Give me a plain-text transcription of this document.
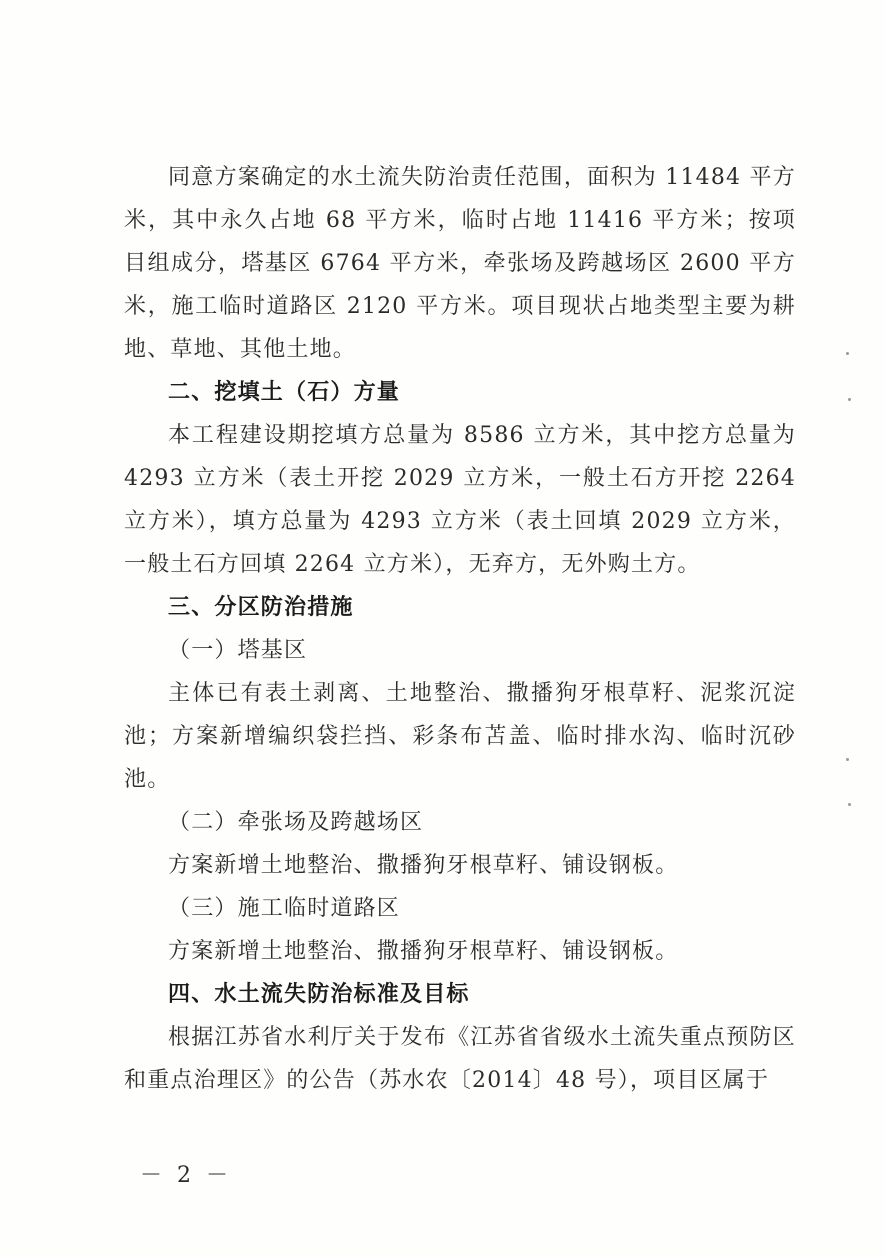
同意方案确定的水土流失防治责任范围，面积为 11484 平方米，其中永久占地 68 平方米，临时占地 11416 平方米；按项目组成分，塔基区 6764 平方米，牵张场及跨越场区 2600 平方米，施工临时道路区 2120 平方米。项目现状占地类型主要为耕地、草地、其他土地。

二、挖填土（石）方量

本工程建设期挖填方总量为 8586 立方米，其中挖方总量为 4293 立方米（表土开挖 2029 立方米，一般土石方开挖 2264 立方米），填方总量为 4293 立方米（表土回填 2029 立方米，一般土石方回填 2264 立方米），无弃方，无外购土方。

三、分区防治措施

（一）塔基区

主体已有表土剥离、土地整治、撒播狗牙根草籽、泥浆沉淀池；方案新增编织袋拦挡、彩条布苫盖、临时排水沟、临时沉砂池。

（二）牵张场及跨越场区

方案新增土地整治、撒播狗牙根草籽、铺设钢板。

（三）施工临时道路区

方案新增土地整治、撒播狗牙根草籽、铺设钢板。

四、水土流失防治标准及目标

根据江苏省水利厅关于发布《江苏省省级水土流失重点预防区和重点治理区》的公告（苏水农〔2014〕48 号），项目区属于

－ 2 －
